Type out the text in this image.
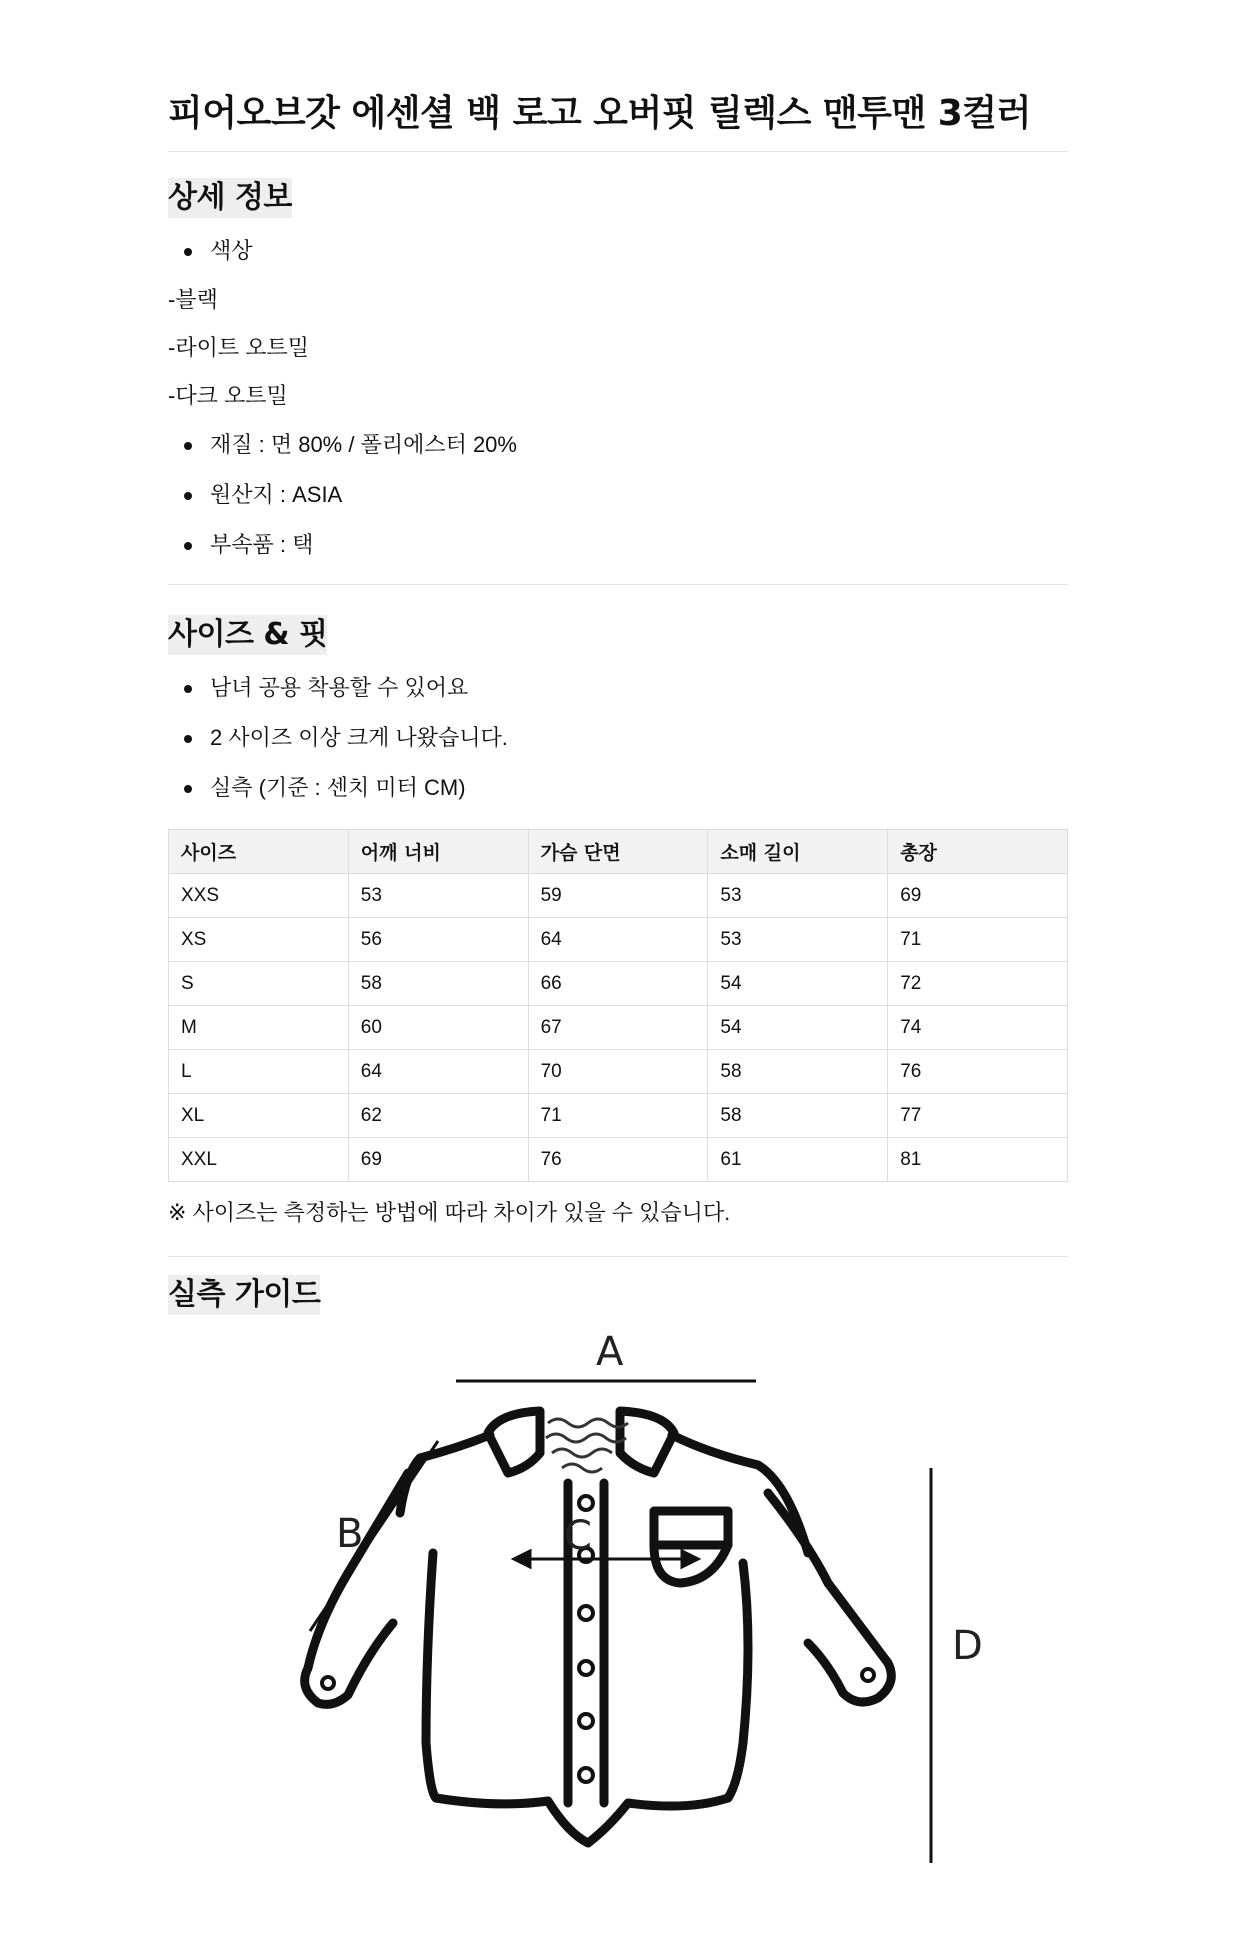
피어오브갓 에센셜 백 로고 오버핏 릴렉스 맨투맨 3컬러
상세 정보
색상
-블랙
-라이트 오트밀
-다크 오트밀
재질 : 면 80% / 폴리에스터 20%
원산지 : ASIA
부속품 : 택
사이즈 & 핏
남녀 공용 착용할 수 있어요
2 사이즈 이상 크게 나왔습니다.
실측 (기준 : 센치 미터 CM)
사이즈	어깨 너비	가슴 단면	소매 길이	총장
XXS	53	59	53	69
XS	56	64	53	71
S	58	66	54	72
M	60	67	54	74
L	64	70	58	76
XL	62	71	58	77
XXL	69	76	61	81
※ 사이즈는 측정하는 방법에 따라 차이가 있을 수 있습니다.
실측 가이드
A
B	C
D
